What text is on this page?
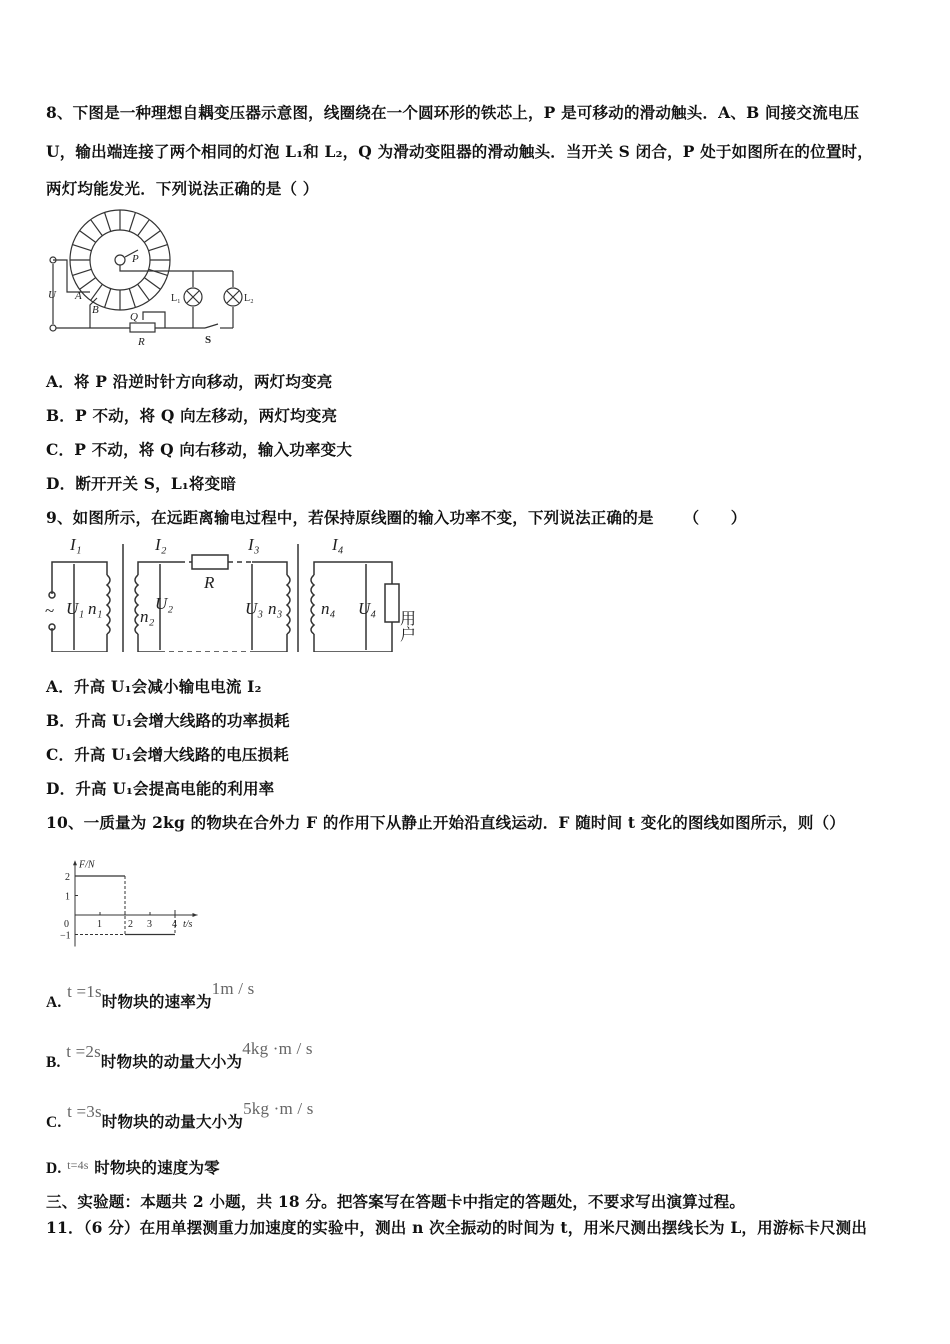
8、下图是一种理想自耦变压器示意图，线圈绕在一个圆环形的铁芯上，P 是可移动的滑动触头．A、B 间接交流电压
U，输出端连接了两个相同的灯泡 L₁和 L₂，Q 为滑动变阻器的滑动触头．当开关 S 闭合，P 处于如图所在的位置时，
两灯均能发光．下列说法正确的是（ ）
U A
B
P
Q
R	S
L₁	L₂
A．将 P 沿逆时针方向移动，两灯均变亮
B．P 不动，将 Q 向左移动，两灯均变亮
C．P 不动，将 Q 向右移动，输入功率变大
D．断开开关 S，L₁将变暗
9、如图所示，在远距离输电过程中，若保持原线圈的输入功率不变，下列说法正确的是 （　　）
I₁	I₂	I₃	I₄
R
~ U₁ n₁ n₂
U₂	U₃ n₃ n₄ U₄
用户
A．升高 U₁会减小输电电流 I₂
B．升高 U₁会增大线路的功率损耗
C．升高 U₁会增大线路的电压损耗
D．升高 U₁会提高电能的利用率
10、一质量为 2kg 的物块在合外力 F 的作用下从静止开始沿直线运动．F 随时间 t 变化的图线如图所示，则（）
0	1	2 3 4
2
1
−1
F/N
t/s
A. t =1s时物块的速率为1m / s
B. t =2s时物块的动量大小为4kg ·m / s
C. t =3s时物块的动量大小为5kg ·m / s
D. $^{t=4s}$ 时物块的速度为零
三、实验题：本题共 2 小题，共 18 分。把答案写在答题卡中指定的答题处，不要求写出演算过程。
11．（6 分）在用单摆测重力加速度的实验中，测出 n 次全振动的时间为 t，用米尺测出摆线长为 L，用游标卡尺测出
